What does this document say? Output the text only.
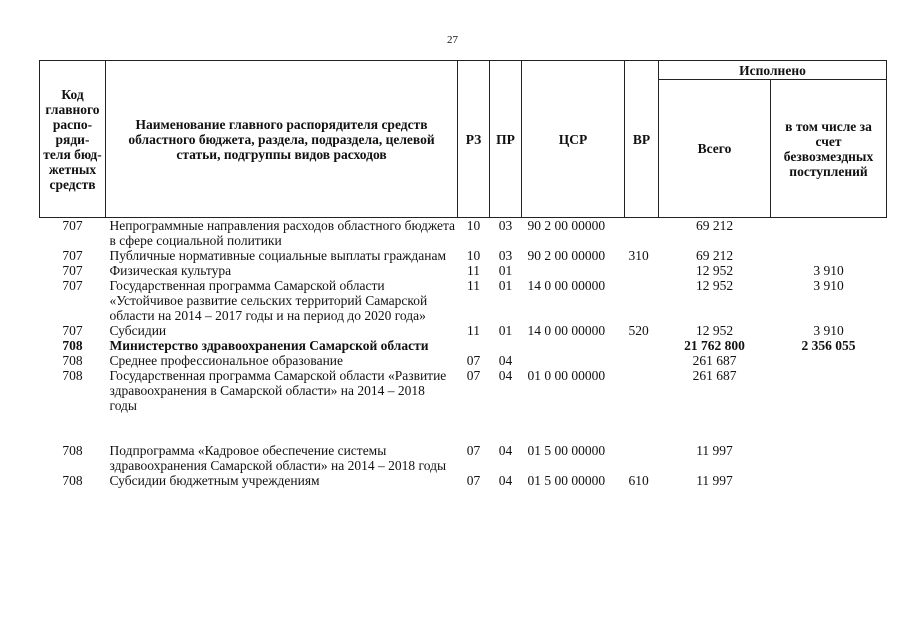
27
Код главного распо-ряди-теля бюд-жетных средств	Наименование главного распорядителя средств областного бюджета, раздела, подраздела, целевой статьи, подгруппы видов расходов	РЗ	ПР	ЦСР	ВР	Исполнено	
						Всего	в том числе за счет безвозмездных поступлений
707	Непрограммные направления расходов областного бюджета в сфере социальной политики	10	03	90 2 00 00000		69 212	
707	Публичные нормативные социальные выплаты гражданам	10	03	90 2 00 00000	310	69 212	
707	Физическая культура	11	01			12 952	3 910
707	Государственная программа Самарской области «Устойчивое развитие сельских территорий Самарской области на 2014 – 2017 годы и на период до 2020 года»	11	01	14 0 00 00000		12 952	3 910
707	Субсидии	11	01	14 0 00 00000	520	12 952	3 910
708	Министерство здравоохранения Самарской области					21 762 800	2 356 055
708	Среднее профессиональное образование	07	04			261 687	
708	Государственная программа Самарской области «Развитие здравоохранения в Самарской области» на 2014 – 2018 годы	07	04	01 0 00 00000		261 687	

708	Подпрограмма «Кадровое обеспечение системы здравоохранения Самарской области» на 2014 – 2018 годы	07	04	01 5 00 00000		11 997	
708	Субсидии бюджетным учреждениям	07	04	01 5 00 00000	610	11 997	
